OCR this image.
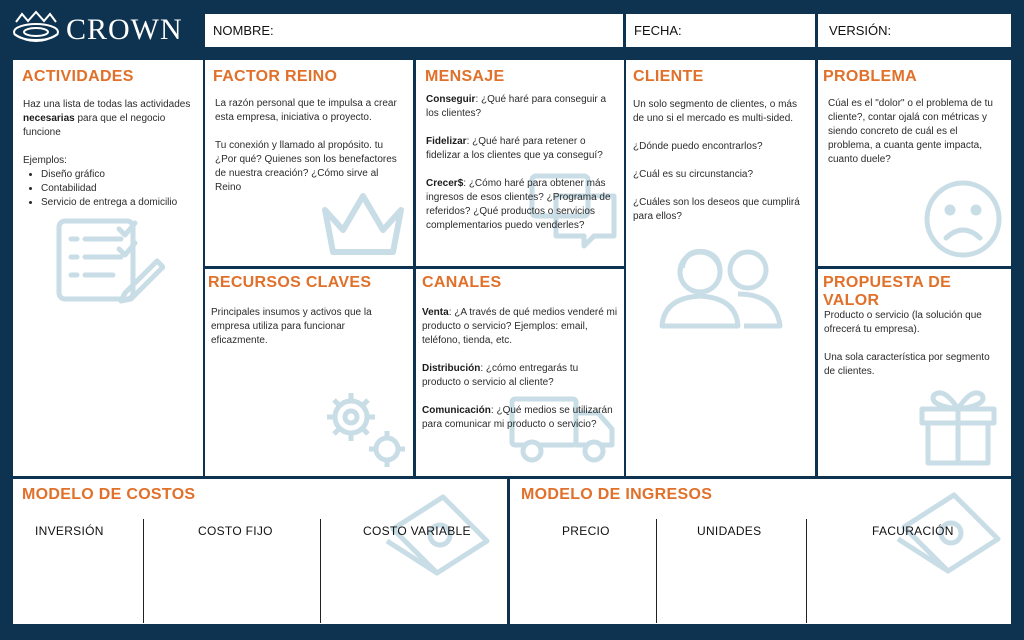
CROWN NOMBRE:	FECHA:	VERSIÓN:
ACTIVIDADES

Haz una lista de todas las actividades necesarias para que el negocio funcione

Ejemplos:
• Diseño gráfico
• Contabilidad
• Servicio de entrega a domicilio
FACTOR REINO

La razón personal que te impulsa a crear esta empresa, iniciativa o proyecto.

Tu conexión y llamado al propósito. tu ¿Por qué? Quienes son los benefactores de nuestra creación? ¿Cómo sirve al Reino

MENSAJE

Conseguir: ¿Qué haré para conseguir a los clientes?

Fidelizar: ¿Qué haré para retener o fidelizar a los clientes que ya conseguí?

Crecer$: ¿Cómo haré para obtener más ingresos de esos clientes? ¿Programa de referidos? ¿Qué productos o servicios complementarios puedo venderles?

CLIENTE

Un solo segmento de clientes, o más de uno si el mercado es multi-sided.

¿Dónde puedo encontrarlos?

¿Cuál es su circunstancia?

¿Cuáles son los deseos que cumplirá para ellos?

PROBLEMA

Cúal es el "dolor" o el problema de tu cliente?, contar ojalá con métricas y siendo concreto de cuál es el problema, a cuanta gente impacta, cuanto duele?

RECURSOS CLAVES

Principales insumos y activos que la empresa utiliza para funcionar eficazmente.

CANALES

Venta: ¿A través de qué medios venderé mi producto o servicio? Ejemplos: email, teléfono, tienda, etc.

Distribución: ¿cómo entregarás tu producto o servicio al cliente?

Comunicación: ¿Qué medios se utilizarán para comunicar mi producto o servicio?

PROPUESTA DE VALOR

Producto o servicio (la solución que ofrecerá tu empresa).

Una sola característica por segmento de clientes.

MODELO DE COSTOS
INVERSIÓN	COSTO FIJO	COSTO VARIABLE
MODELO DE INGRESOS
PRECIO	UNIDADES	FACURACIÓN
